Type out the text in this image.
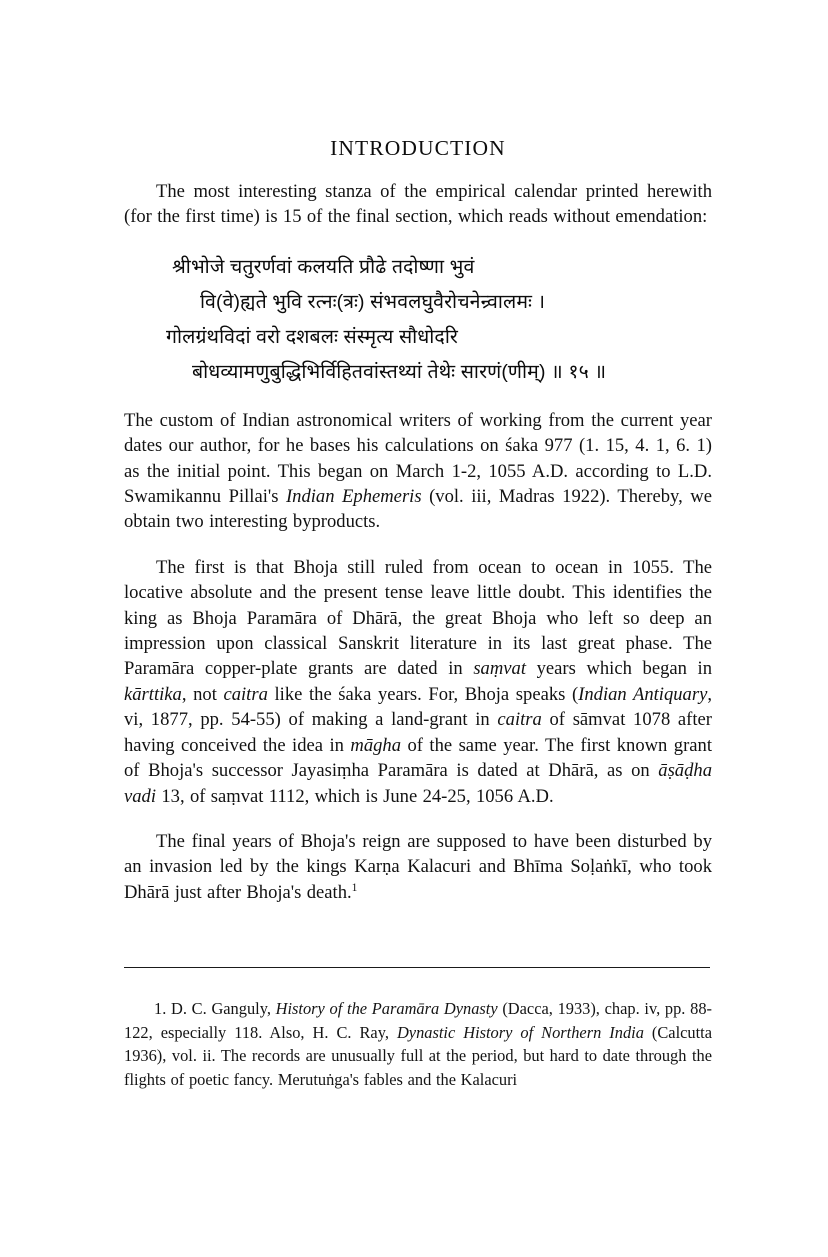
INTRODUCTION

The most interesting stanza of the empirical calendar printed herewith (for the first time) is 15 of the final section, which reads without emendation:

श्रीभोजे चतुरर्णवां कलयति प्रौढे तदोष्णा भुवं
वि(वे)ह्यते भुवि रत्नः(त्रः) संभवलघुवैरोचनेन्र्वालमः ।
गोलग्रंथविदां वरो दशबलः संस्मृत्य सौधोदरि
बोधव्यामणुबुद्धिभिर्विहितवांस्तथ्यां तेथेः सारणं(णीम्) ॥ १५ ॥

The custom of Indian astronomical writers of working from the current year dates our author, for he bases his calculations on śaka 977 (1. 15, 4. 1, 6. 1) as the initial point. This began on March 1-2, 1055 A.D. according to L.D. Swamikannu Pillai's Indian Ephemeris (vol. iii, Madras 1922). Thereby, we obtain two interesting byproducts.

The first is that Bhoja still ruled from ocean to ocean in 1055. The locative absolute and the present tense leave little doubt. This identifies the king as Bhoja Paramāra of Dhārā, the great Bhoja who left so deep an impression upon classical Sanskrit literature in its last great phase. The Paramāra copper-plate grants are dated in saṃvat years which began in kārttika, not caitra like the śaka years. For, Bhoja speaks (Indian Antiquary, vi, 1877, pp. 54-55) of making a land-grant in caitra of sāmvat 1078 after having conceived the idea in māgha of the same year. The first known grant of Bhoja's successor Jayasiṃha Paramāra is dated at Dhārā, as on āṣāḍha vadi 13, of saṃvat 1112, which is June 24-25, 1056 A.D.

The final years of Bhoja's reign are supposed to have been disturbed by an invasion led by the kings Karṇa Kalacuri and Bhīma Soḷaṅkī, who took Dhārā just after Bhoja's death.$^1$

1. D. C. Ganguly, History of the Paramāra Dynasty (Dacca, 1933), chap. iv, pp. 88-122, especially 118. Also, H. C. Ray, Dynastic History of Northern India (Calcutta 1936), vol. ii. The records are unusually full at the period, but hard to date through the flights of poetic fancy. Merutuṅga's fables and the Kalacuri
